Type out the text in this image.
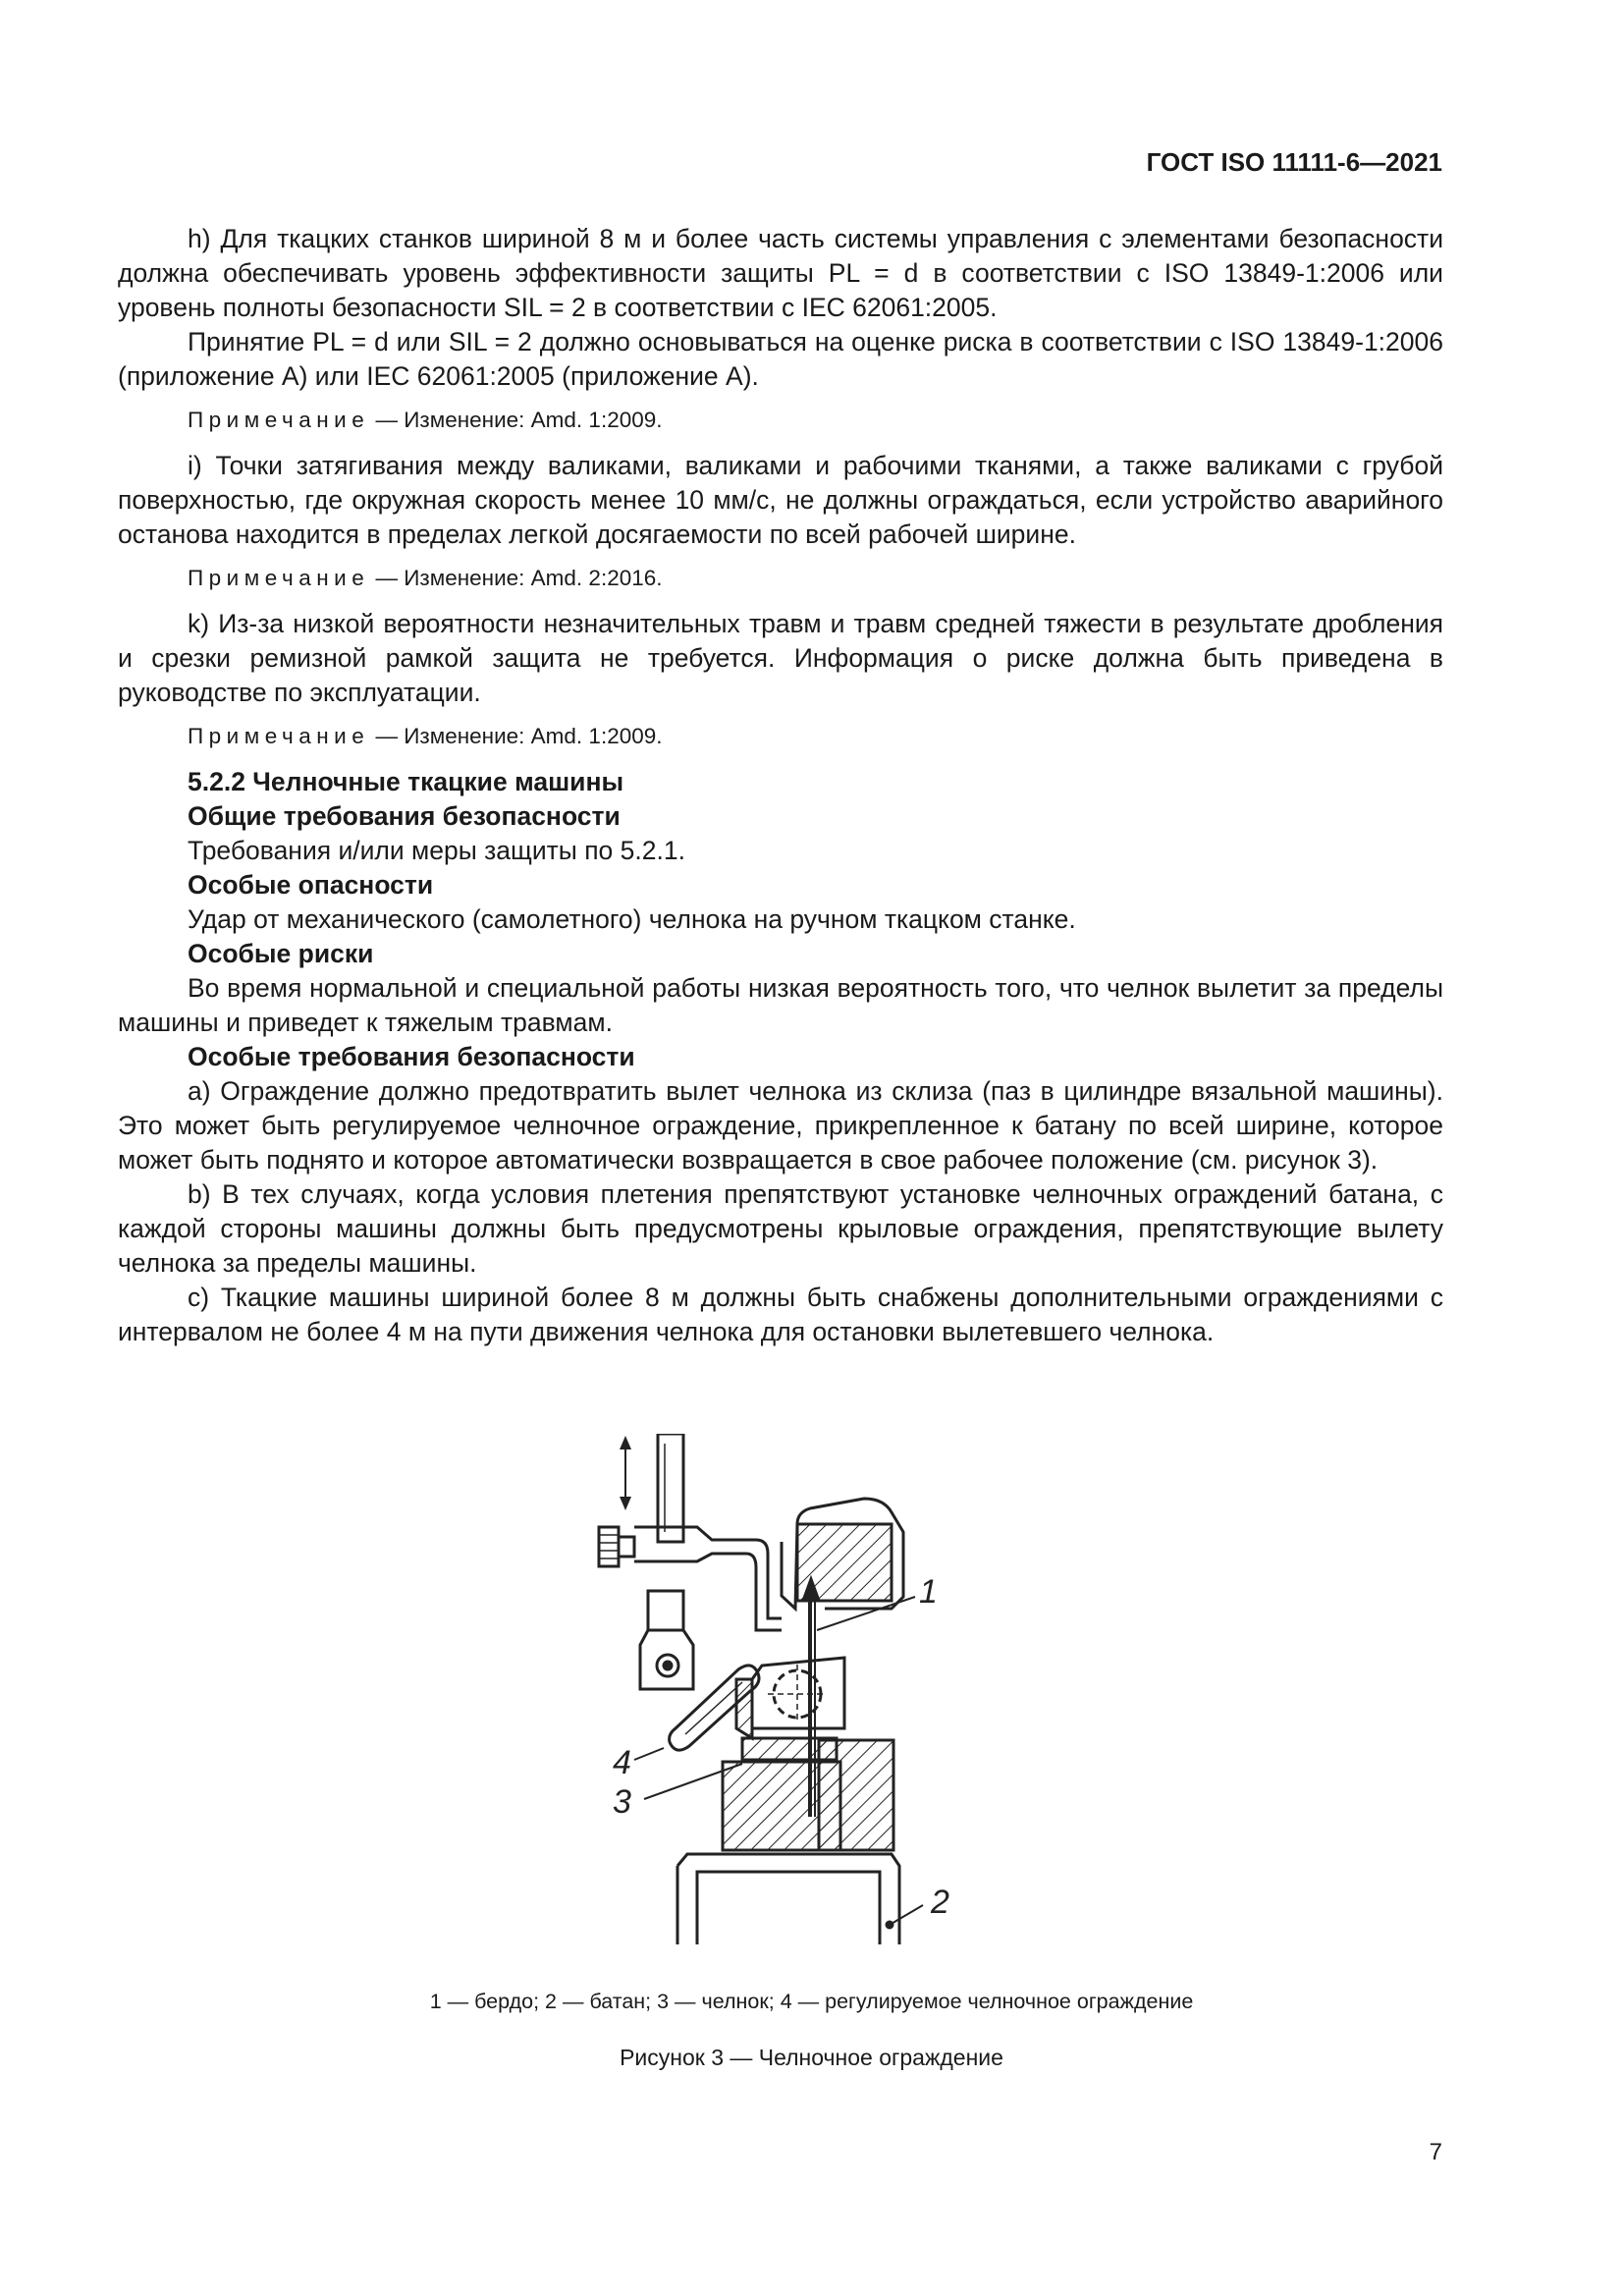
ГОСТ ISO 11111-6—2021

h) Для ткацких станков шириной 8 м и более часть системы управления с элементами безопасности должна обеспечивать уровень эффективности защиты PL = d в соответствии с ISO 13849-1:2006 или уровень полноты безопасности SIL = 2 в соответствии с IEC 62061:2005.

Принятие PL = d или SIL = 2 должно основываться на оценке риска в соответствии с ISO 13849-1:2006 (приложение A) или IEC 62061:2005 (приложение A).

Примечание — Изменение: Amd. 1:2009.

i) Точки затягивания между валиками, валиками и рабочими тканями, а также валиками с грубой поверхностью, где окружная скорость менее 10 мм/с, не должны ограждаться, если устройство аварийного останова находится в пределах легкой досягаемости по всей рабочей ширине.

Примечание — Изменение: Amd. 2:2016.

k) Из-за низкой вероятности незначительных травм и травм средней тяжести в результате дробления и срезки ремизной рамкой защита не требуется. Информация о риске должна быть приведена в руководстве по эксплуатации.

Примечание — Изменение: Amd. 1:2009.
5.2.2 Челночные ткацкие машины
Общие требования безопасности
Требования и/или меры защиты по 5.2.1.
Особые опасности
Удар от механического (самолетного) челнока на ручном ткацком станке.
Особые риски

Во время нормальной и специальной работы низкая вероятность того, что челнок вылетит за пределы машины и приведет к тяжелым травмам.

Особые требования безопасности

a) Ограждение должно предотвратить вылет челнока из склиза (паз в цилиндре вязальной машины). Это может быть регулируемое челночное ограждение, прикрепленное к батану по всей ширине, которое может быть поднято и которое автоматически возвращается в свое рабочее положение (см. рисунок 3).

b) В тех случаях, когда условия плетения препятствуют установке челночных ограждений батана, с каждой стороны машины должны быть предусмотрены крыловые ограждения, препятствующие вылету челнока за пределы машины.

c) Ткацкие машины шириной более 8 м должны быть снабжены дополнительными ограждениями с интервалом не более 4 м на пути движения челнока для остановки вылетевшего челнока.

1
2
3
4
1 — бердо; 2 — батан; 3 — челнок; 4 — регулируемое челночное ограждение
Рисунок 3 — Челночное ограждение
7
